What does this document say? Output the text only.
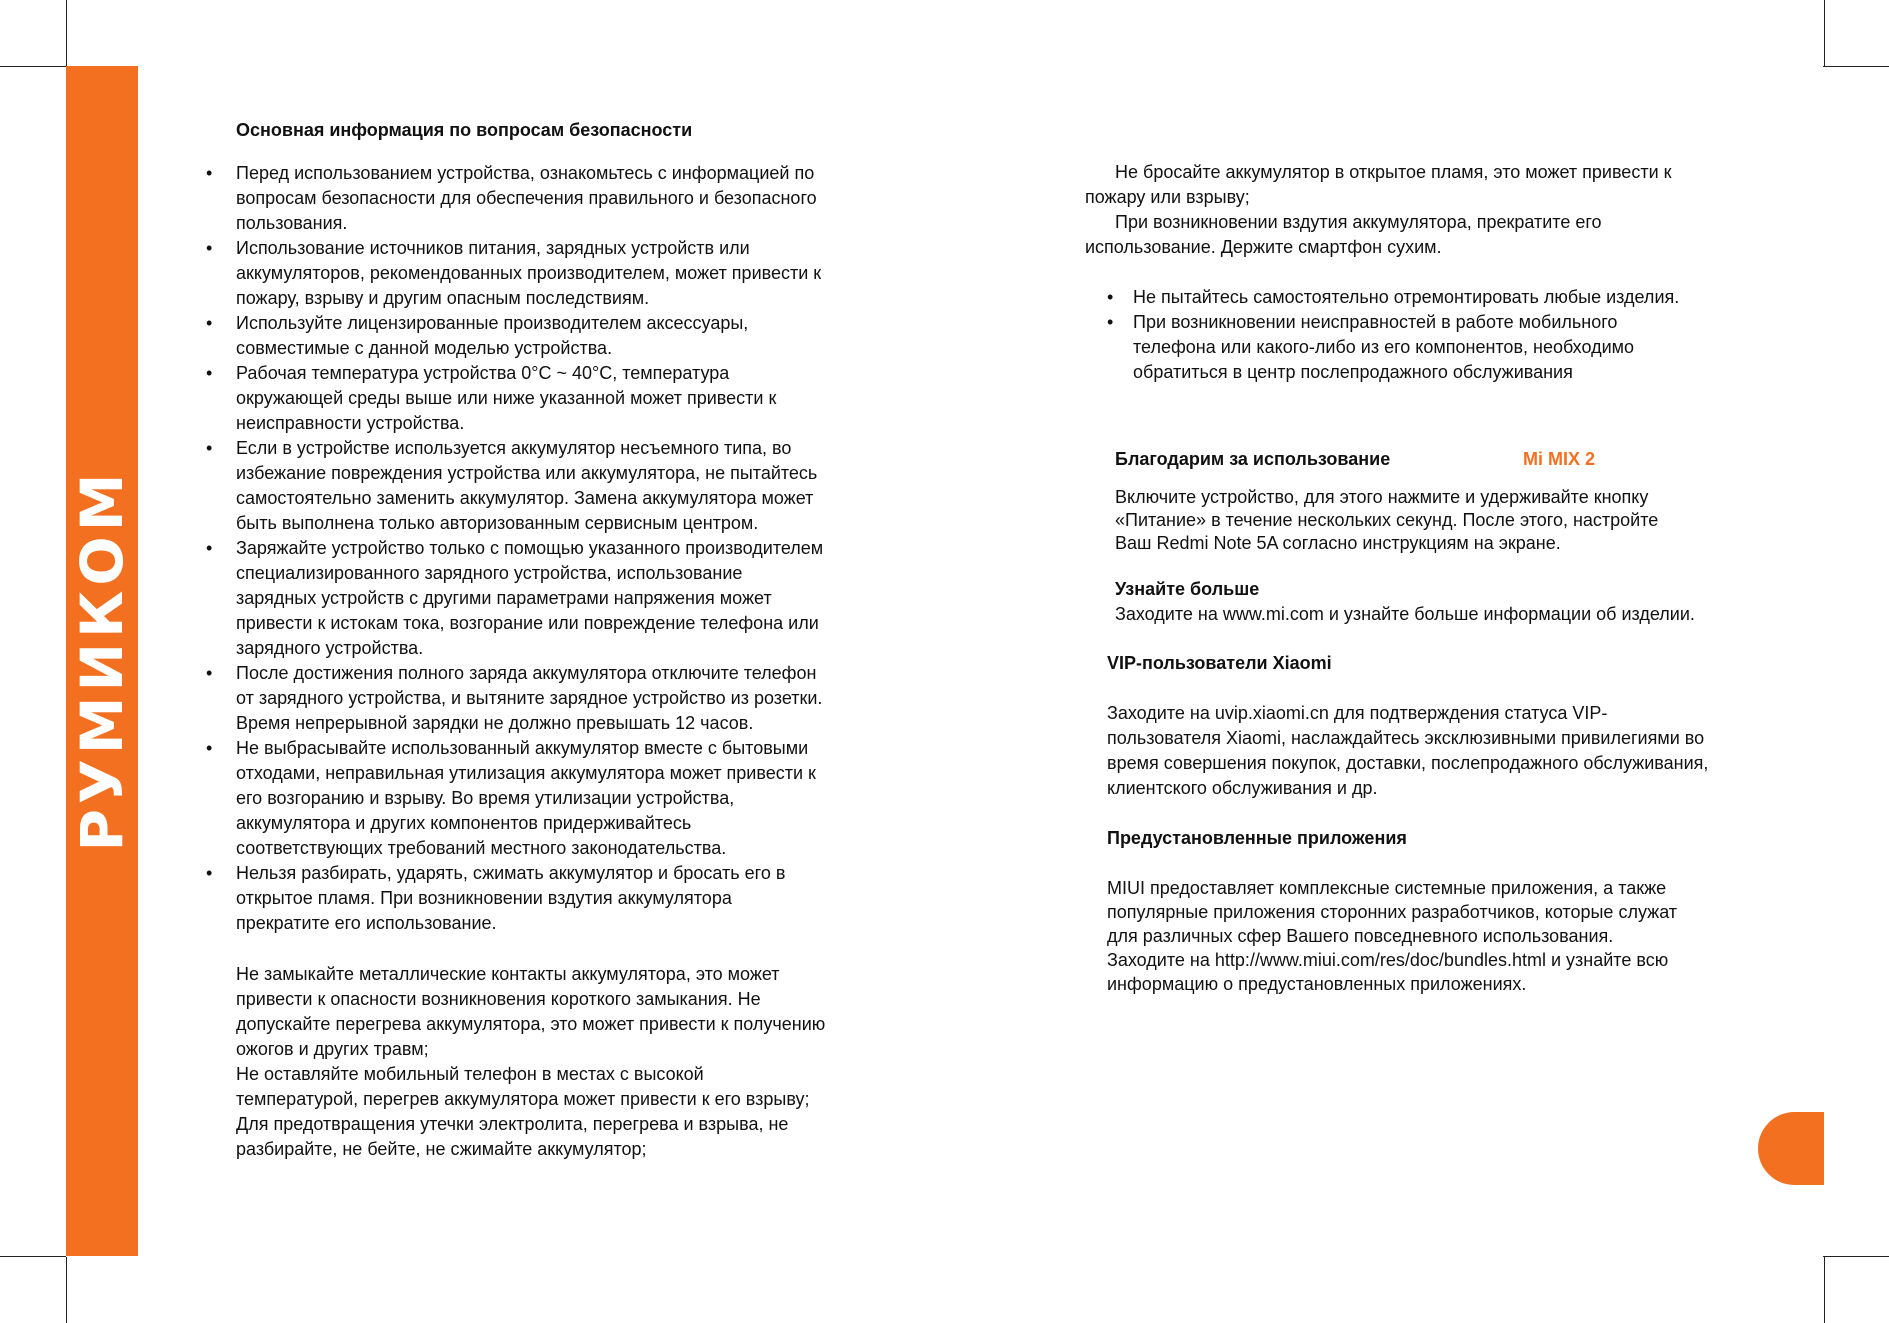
РУМИКОМ
Основная информация по вопросам безопасности
• Перед использованием устройства, ознакомьтесь с информацией по
вопросам безопасности для обеспечения правильного и безопасного
пользования.
• Использование источников питания, зарядных устройств или
аккумуляторов, рекомендованных производителем, может привести к
пожару, взрыву и другим опасным последствиям.
• Используйте лицензированные производителем аксессуары,
совместимые с данной моделью устройства.
• Рабочая температура устройства 0°C ~ 40°C, температура
окружающей среды выше или ниже указанной может привести к
неисправности устройства.
• Если в устройстве используется аккумулятор несъемного типа, во
избежание повреждения устройства или аккумулятора, не пытайтесь
самостоятельно заменить аккумулятор. Замена аккумулятора может
быть выполнена только авторизованным сервисным центром.
• Заряжайте устройство только с помощью указанного производителем
специализированного зарядного устройства, использование
зарядных устройств с другими параметрами напряжения может
привести к истокам тока, возгорание или повреждение телефона или
зарядного устройства.
• После достижения полного заряда аккумулятора отключите телефон
от зарядного устройства, и вытяните зарядное устройство из розетки.
Время непрерывной зарядки не должно превышать 12 часов.
• Не выбрасывайте использованный аккумулятор вместе с бытовыми
отходами, неправильная утилизация аккумулятора может привести к
его возгоранию и взрыву. Во время утилизации устройства,
аккумулятора и других компонентов придерживайтесь
соответствующих требований местного законодательства.
• Нельзя разбирать, ударять, сжимать аккумулятор и бросать его в
открытое пламя. При возникновении вздутия аккумулятора
прекратите его использование.
Не замыкайте металлические контакты аккумулятора, это может
привести к опасности возникновения короткого замыкания. Не
допускайте перегрева аккумулятора, это может привести к получению
ожогов и других травм;
Не оставляйте мобильный телефон в местах с высокой
температурой, перегрев аккумулятора может привести к его взрыву;
Для предотвращения утечки электролита, перегрева и взрыва, не
разбирайте, не бейте, не сжимайте аккумулятор;
Не бросайте аккумулятор в открытое пламя, это может привести к
пожару или взрыву;
При возникновении вздутия аккумулятора, прекратите его
использование. Держите смартфон сухим.
• Не пытайтесь самостоятельно отремонтировать любые изделия.
• При возникновении неисправностей в работе мобильного
телефона или какого-либо из его компонентов, необходимо
обратиться в центр послепродажного обслуживания
Благодарим за использование	Mi MIX 2
Включите устройство, для этого нажмите и удерживайте кнопку
«Питание» в течение нескольких секунд. После этого, настройте
Ваш Redmi Note 5A согласно инструкциям на экране.
Узнайте больше
Заходите на www.mi.com и узнайте больше информации об изделии.
VIP-пользователи Xiaomi
Заходите на uvip.xiaomi.cn для подтверждения статуса VIP-
пользователя Xiaomi, наслаждайтесь эксклюзивными привилегиями во
время совершения покупок, доставки, послепродажного обслуживания,
клиентского обслуживания и др.
Предустановленные приложения
MIUI предоставляет комплексные системные приложения, а также
популярные приложения сторонних разработчиков, которые служат
для различных сфер Вашего повседневного использования.
Заходите на http://www.miui.com/res/doc/bundles.html и узнайте всю
информацию о предустановленных приложениях.
